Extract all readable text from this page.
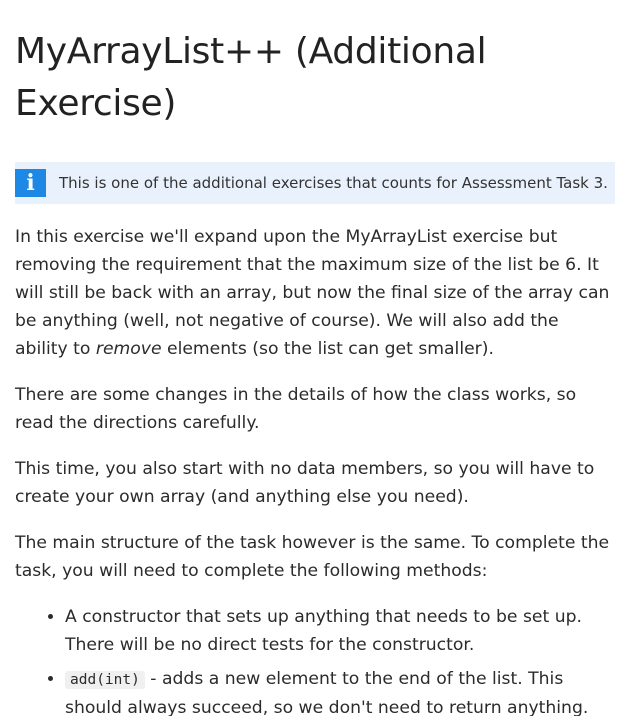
MyArrayList++ (Additional Exercise)
i	This is one of the additional exercises that counts for Assessment Task 3.

In this exercise we'll expand upon the MyArrayList exercise but removing the requirement that the maximum size of the list be 6. It will still be back with an array, but now the final size of the array can be anything (well, not negative of course). We will also add the ability to remove elements (so the list can get smaller).

There are some changes in the details of how the class works, so read the directions carefully.

This time, you also start with no data members, so you will have to create your own array (and anything else you need).

The main structure of the task however is the same. To complete the task, you will need to complete the following methods:

• A constructor that sets up anything that needs to be set up. There will be no direct tests for the constructor.
• add(int) - adds a new element to the end of the list. This should always succeed, so we don't need to return anything.
